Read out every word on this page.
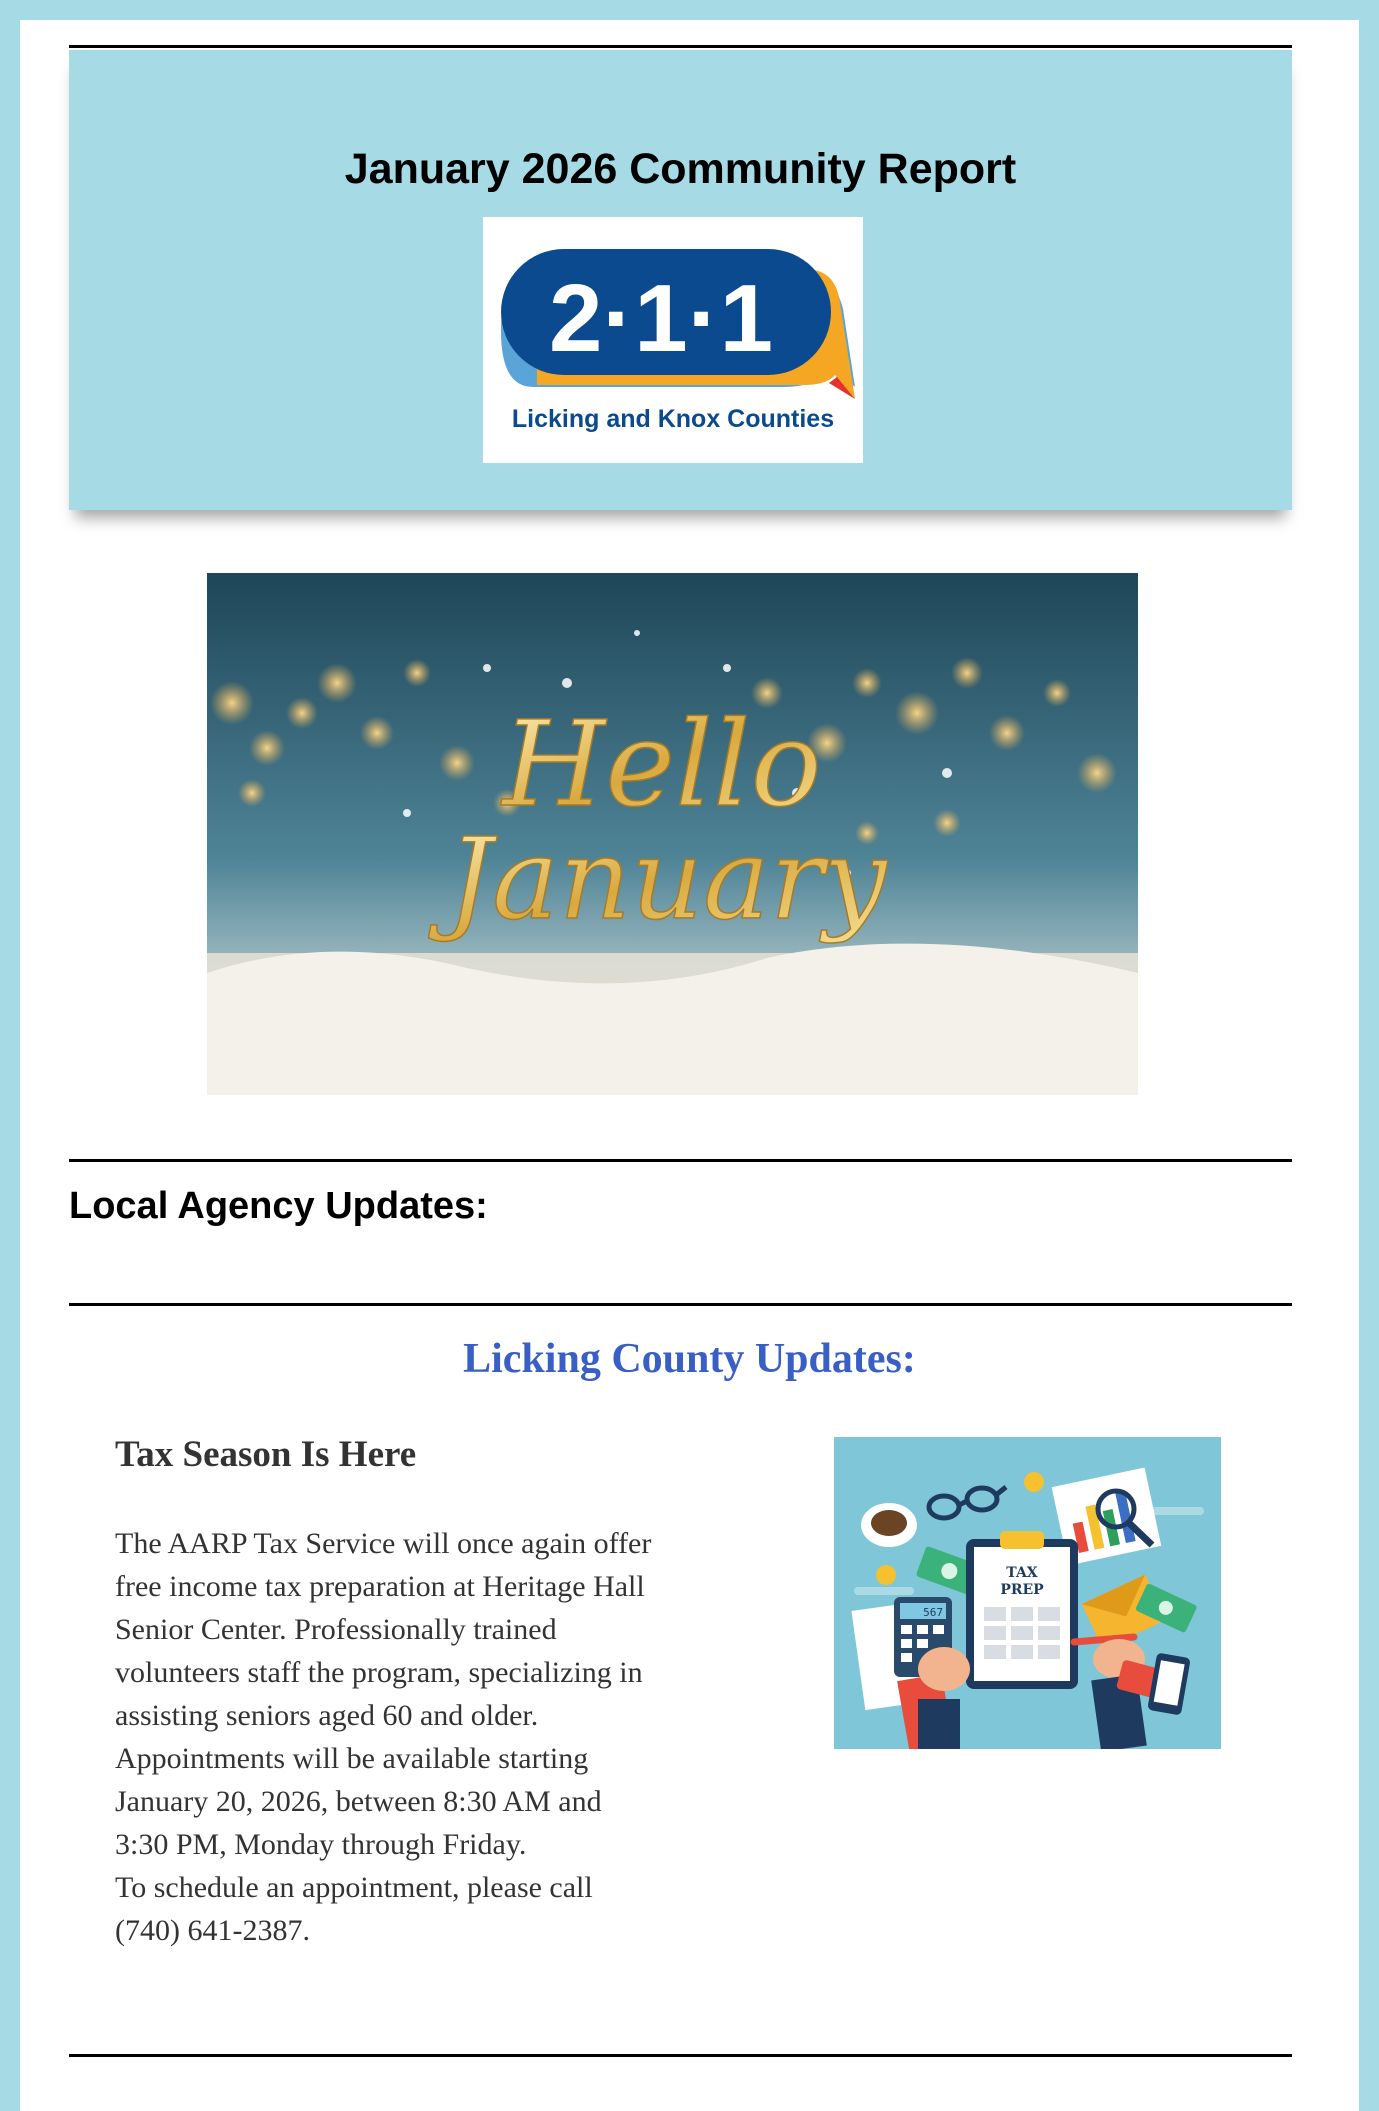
January 2026 Community Report
2·1·1
Licking and Knox Counties
Hello
January
Local Agency Updates:
Licking County Updates:
Tax Season Is Here
The AARP Tax Service will once again offer
free income tax preparation at Heritage Hall
Senior Center. Professionally trained
volunteers staff the program, specializing in
assisting seniors aged 60 and older.
Appointments will be available starting
January 20, 2026, between 8:30 AM and
3:30 PM, Monday through Friday.
To schedule an appointment, please call
(740) 641-2387.
TAX
PREP
567
